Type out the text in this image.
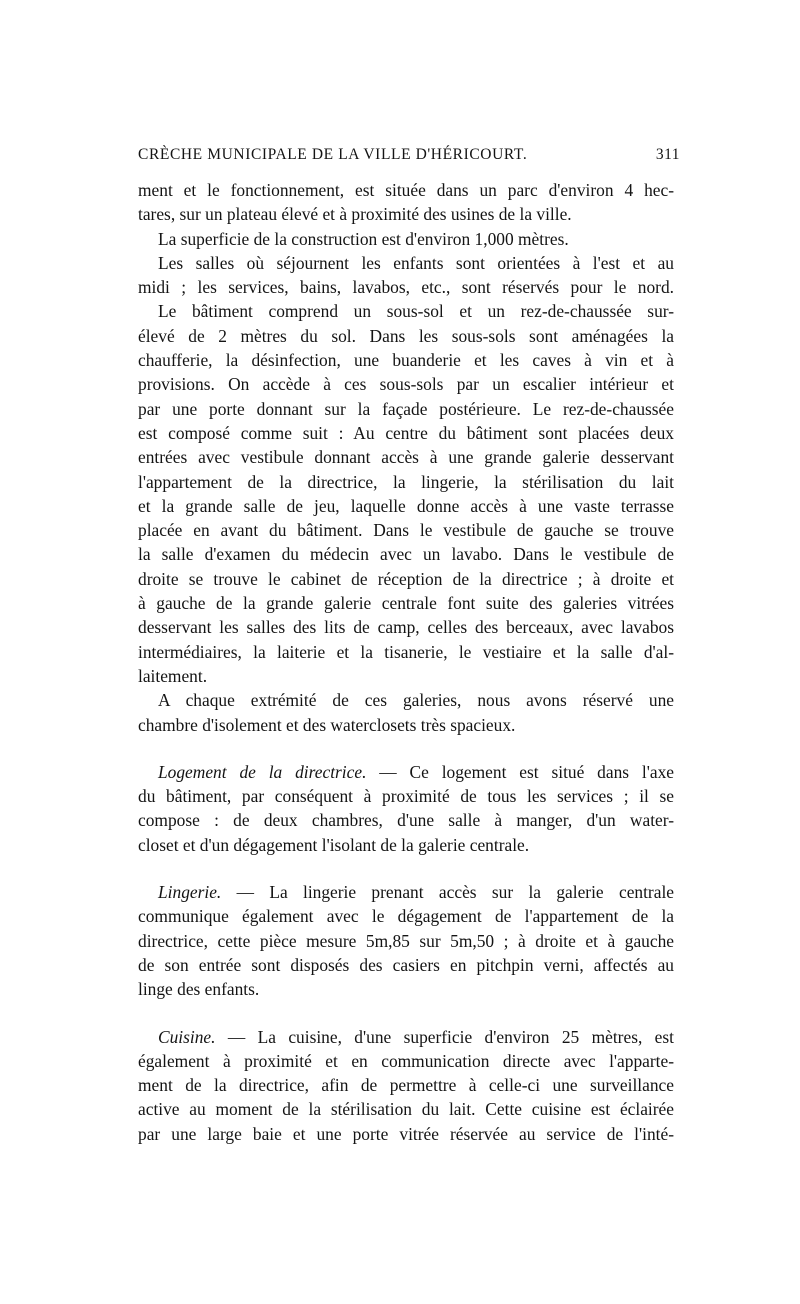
CRÈCHE MUNICIPALE DE LA VILLE D'HÉRICOURT.	311
ment et le fonctionnement, est située dans un parc d'environ 4 hec-
tares, sur un plateau élevé et à proximité des usines de la ville.
La superficie de la construction est d'environ 1,000 mètres.
Les salles où séjournent les enfants sont orientées à l'est et au
midi ; les services, bains, lavabos, etc., sont réservés pour le nord.
Le bâtiment comprend un sous-sol et un rez-de-chaussée sur-
élevé de 2 mètres du sol. Dans les sous-sols sont aménagées la
chaufferie, la désinfection, une buanderie et les caves à vin et à
provisions. On accède à ces sous-sols par un escalier intérieur et
par une porte donnant sur la façade postérieure. Le rez-de-chaussée
est composé comme suit : Au centre du bâtiment sont placées deux
entrées avec vestibule donnant accès à une grande galerie desservant
l'appartement de la directrice, la lingerie, la stérilisation du lait
et la grande salle de jeu, laquelle donne accès à une vaste terrasse
placée en avant du bâtiment. Dans le vestibule de gauche se trouve
la salle d'examen du médecin avec un lavabo. Dans le vestibule de
droite se trouve le cabinet de réception de la directrice ; à droite et
à gauche de la grande galerie centrale font suite des galeries vitrées
desservant les salles des lits de camp, celles des berceaux, avec lavabos
intermédiaires, la laiterie et la tisanerie, le vestiaire et la salle d'al-
laitement.
A chaque extrémité de ces galeries, nous avons réservé une
chambre d'isolement et des waterclosets très spacieux.
Logement de la directrice. — Ce logement est situé dans l'axe
du bâtiment, par conséquent à proximité de tous les services ; il se
compose : de deux chambres, d'une salle à manger, d'un water-
closet et d'un dégagement l'isolant de la galerie centrale.
Lingerie. — La lingerie prenant accès sur la galerie centrale
communique également avec le dégagement de l'appartement de la
directrice, cette pièce mesure 5m,85 sur 5m,50 ; à droite et à gauche
de son entrée sont disposés des casiers en pitchpin verni, affectés au
linge des enfants.
Cuisine. — La cuisine, d'une superficie d'environ 25 mètres, est
également à proximité et en communication directe avec l'apparte-
ment de la directrice, afin de permettre à celle-ci une surveillance
active au moment de la stérilisation du lait. Cette cuisine est éclairée
par une large baie et une porte vitrée réservée au service de l'inté-
